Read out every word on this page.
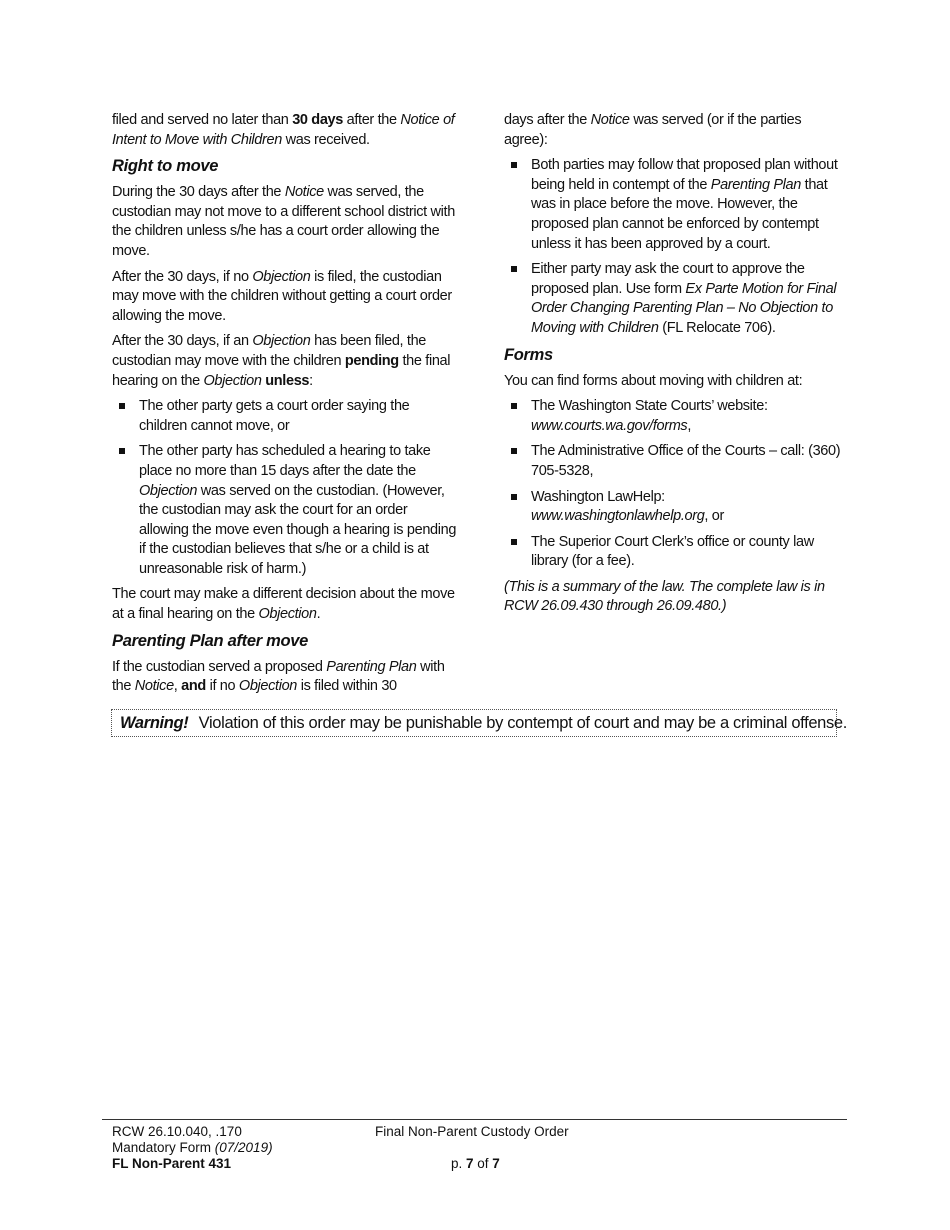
filed and served no later than 30 days after the Notice of Intent to Move with Children was received.

Right to move

During the 30 days after the Notice was served, the custodian may not move to a different school district with the children unless s/he has a court order allowing the move.

After the 30 days, if no Objection is filed, the custodian may move with the children without getting a court order allowing the move.

After the 30 days, if an Objection has been filed, the custodian may move with the children pending the final hearing on the Objection unless:

The other party gets a court order saying the children cannot move, or
The other party has scheduled a hearing to take place no more than 15 days after the date the Objection was served on the custodian. (However, the custodian may ask the court for an order allowing the move even though a hearing is pending if the custodian believes that s/he or a child is at unreasonable risk of harm.)

The court may make a different decision about the move at a final hearing on the Objection.

Parenting Plan after move

If the custodian served a proposed Parenting Plan with the Notice, and if no Objection is filed within 30

days after the Notice was served (or if the parties agree):

Both parties may follow that proposed plan without being held in contempt of the Parenting Plan that was in place before the move. However, the proposed plan cannot be enforced by contempt unless it has been approved by a court.
Either party may ask the court to approve the proposed plan. Use form Ex Parte Motion for Final Order Changing Parenting Plan – No Objection to Moving with Children (FL Relocate 706).
Forms

You can find forms about moving with children at:

The Washington State Courts’ website: www.courts.wa.gov/forms,
The Administrative Office of the Courts – call: (360) 705-5328,
Washington LawHelp: www.washingtonlawhelp.org, or
The Superior Court Clerk’s office or county law library (for a fee).

(This is a summary of the law. The complete law is in RCW 26.09.430 through 26.09.480.)

Warning! Violation of this order may be punishable by contempt of court and may be a criminal offense.
RCW 26.10.040, .170
Mandatory Form (07/2019)
FL Non-Parent 431
Final Non-Parent Custody Order
p. 7 of 7
